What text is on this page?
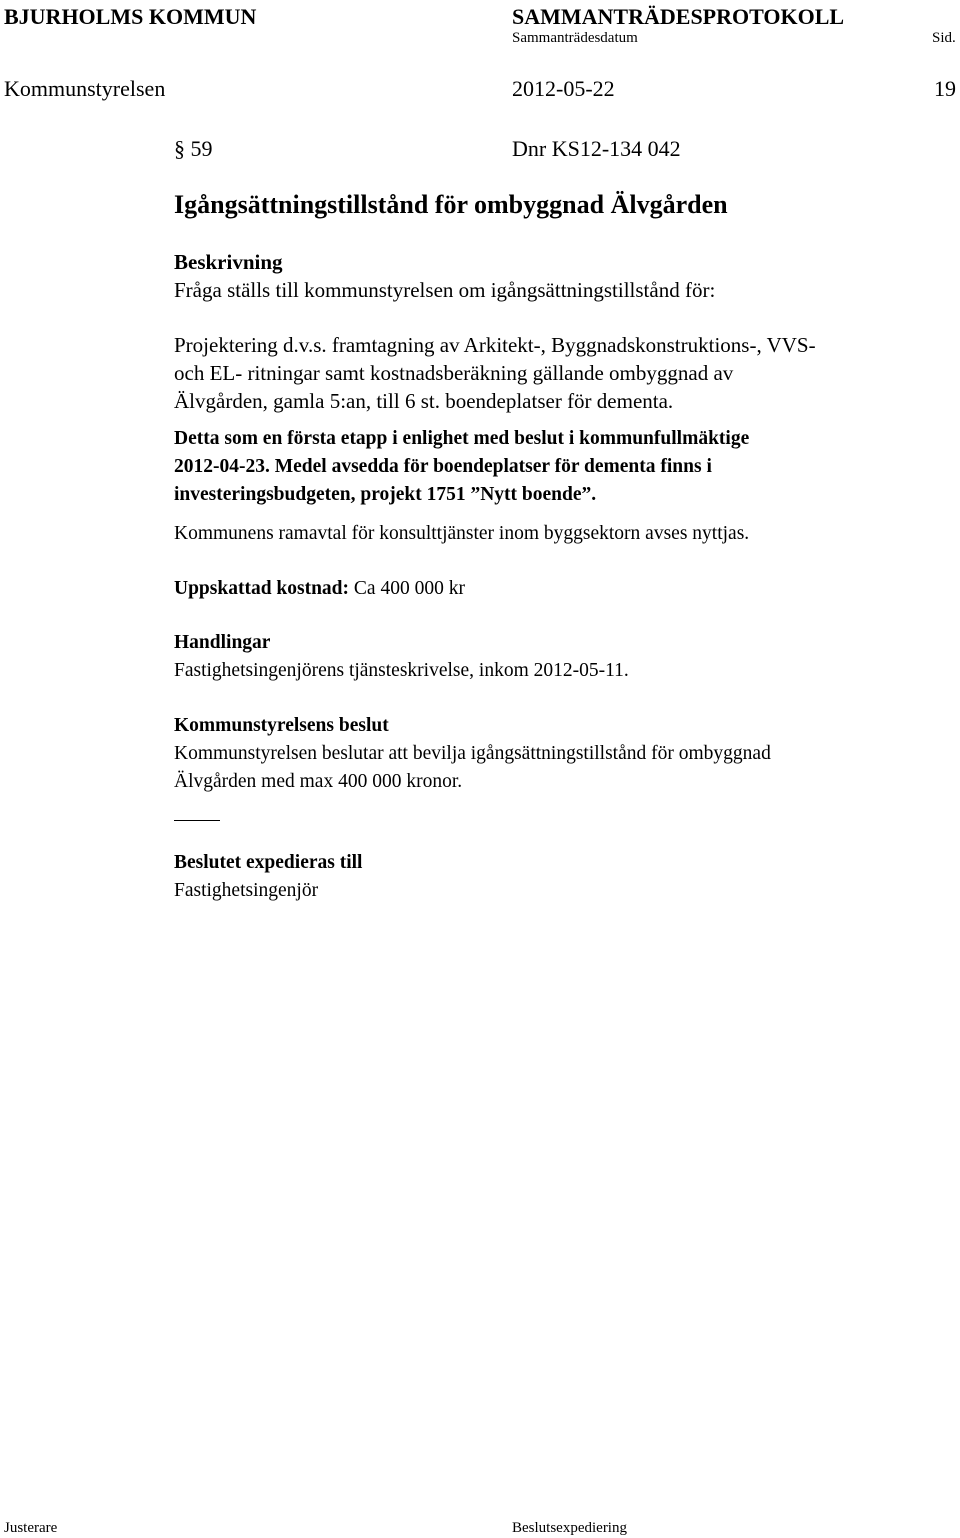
BJURHOLMS KOMMUN	SAMMANTRÄDESPROTOKOLL
Sammanträdesdatum	Sid.
Kommunstyrelsen	2012-05-22	19
§ 59	Dnr KS12-134 042
Igångsättningstillstånd för ombyggnad Älvgården
Beskrivning
Fråga ställs till kommunstyrelsen om igångsättningstillstånd för:
Projektering d.v.s. framtagning av Arkitekt-, Byggnadskonstruktions-, VVS-
och EL- ritningar samt kostnadsberäkning gällande ombyggnad av
Älvgården, gamla 5:an, till 6 st. boendeplatser för dementa.
Detta som en första etapp i enlighet med beslut i kommunfullmäktige
2012-04-23. Medel avsedda för boendeplatser för dementa finns i
investeringsbudgeten, projekt 1751 ”Nytt boende”.
Kommunens ramavtal för konsulttjänster inom byggsektorn avses nyttjas.
Uppskattad kostnad: Ca 400 000 kr
Handlingar
Fastighetsingenjörens tjänsteskrivelse, inkom 2012-05-11.
Kommunstyrelsens beslut
Kommunstyrelsen beslutar att bevilja igångsättningstillstånd för ombyggnad
Älvgården med max 400 000 kronor.
Beslutet expedieras till
Fastighetsingenjör
Justerare	Beslutsexpediering
